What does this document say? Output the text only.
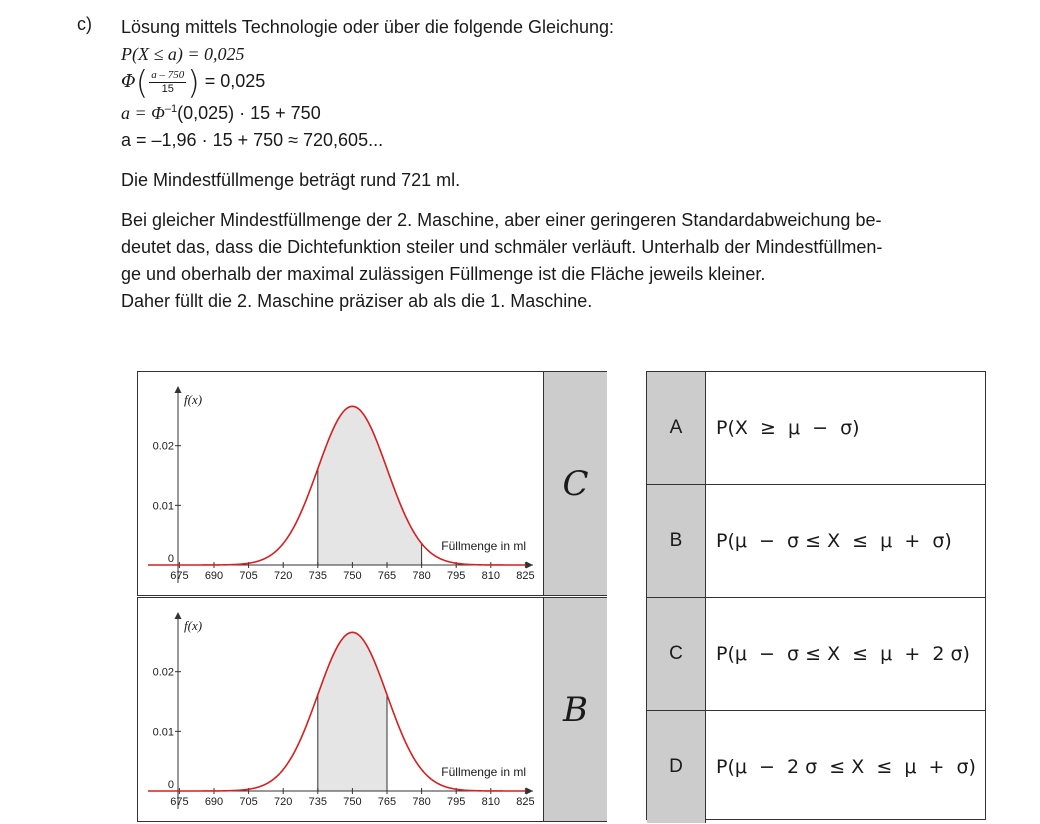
c) Lösung mittels Technologie oder über die folgende Gleichung:
P(X ≤ a) = 0,025
$\Phi( \frac{a - 750}{15}$ ) = 0,025
$a = \Phi^{-1}(0,025) \cdot 15 + 750$
a = –1,96 · 15 + 750 ≈ 720,605...
Die Mindestfüllmenge beträgt rund 721 ml.
Bei gleicher Mindestfüllmenge der 2. Maschine, aber einer geringeren Standardabweichung be-
deutet das, dass die Dichtefunktion steiler und schmäler verläuft. Unterhalb der Mindestfüllmen-
ge und oberhalb der maximal zulässigen Füllmenge ist die Fläche jeweils kleiner.
Daher füllt die 2. Maschine präziser ab als die 1. Maschine.
675 690 705 720 735 750 765 780 795 810 825
0
0.01
0.02
f(x)
Füllmenge in ml
C
675 690 705 720 735 750 765 780 795 810 825
0
0.01
0.02
f(x)
Füllmenge in ml
B
A	P(X  ≥  μ  −  σ)
B	P(μ  −  σ ≤ X  ≤  μ  +  σ)
C	P(μ  −  σ ≤ X  ≤  μ  +  2 σ)
D	P(μ  −  2 σ  ≤ X  ≤  μ  +  σ)
